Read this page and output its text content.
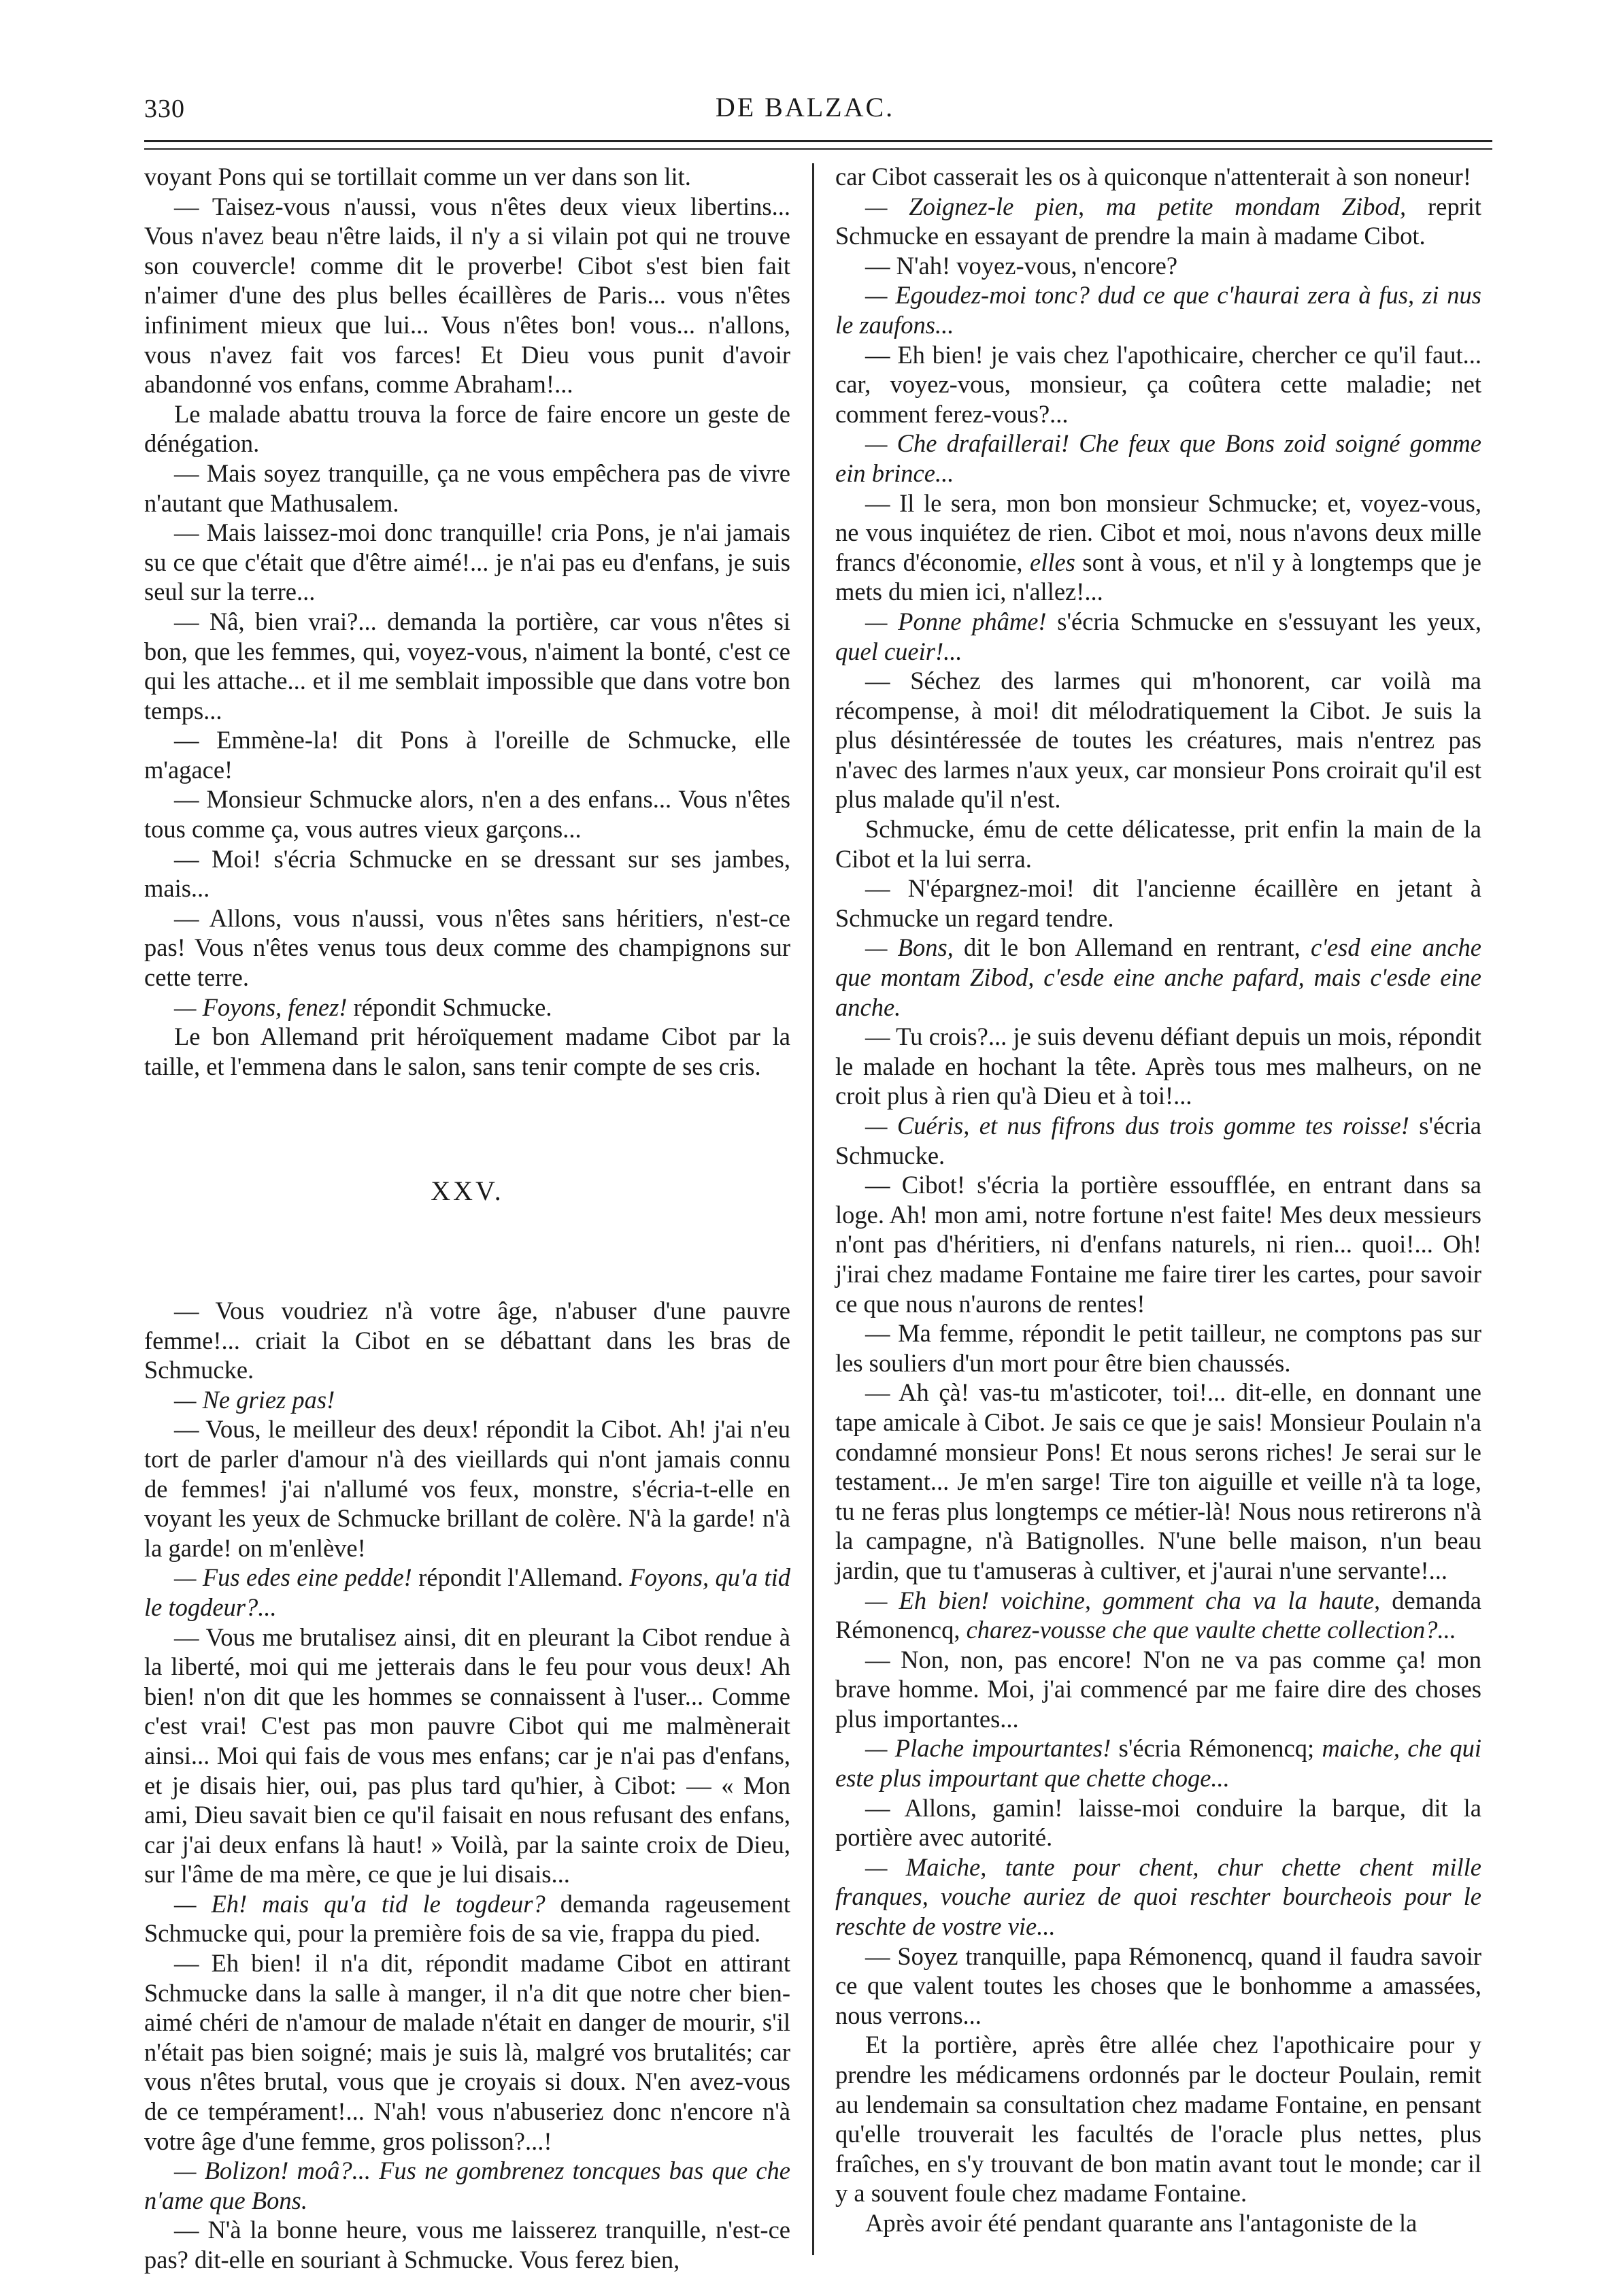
330	DE BALZAC.

voyant Pons qui se tortillait comme un ver dans son lit.

— Taisez-vous n'aussi, vous n'êtes deux vieux libertins... Vous n'avez beau n'être laids, il n'y a si vilain pot qui ne trouve son couvercle! comme dit le proverbe! Cibot s'est bien fait n'aimer d'une des plus belles écaillères de Paris... vous n'êtes infiniment mieux que lui... Vous n'êtes bon! vous... n'allons, vous n'avez fait vos farces! Et Dieu vous punit d'avoir abandonné vos enfans, comme Abraham!...

Le malade abattu trouva la force de faire encore un geste de dénégation.

— Mais soyez tranquille, ça ne vous empêchera pas de vivre n'autant que Mathusalem.

— Mais laissez-moi donc tranquille! cria Pons, je n'ai jamais su ce que c'était que d'être aimé!... je n'ai pas eu d'enfans, je suis seul sur la terre...

— Nâ, bien vrai?... demanda la portière, car vous n'êtes si bon, que les femmes, qui, voyez-vous, n'aiment la bonté, c'est ce qui les attache... et il me semblait impossible que dans votre bon temps...

— Emmène-la! dit Pons à l'oreille de Schmucke, elle m'agace!

— Monsieur Schmucke alors, n'en a des enfans... Vous n'êtes tous comme ça, vous autres vieux garçons...

— Moi! s'écria Schmucke en se dressant sur ses jambes, mais...

— Allons, vous n'aussi, vous n'êtes sans héritiers, n'est-ce pas! Vous n'êtes venus tous deux comme des champignons sur cette terre.

— Foyons, fenez! répondit Schmucke.

Le bon Allemand prit héroïquement madame Cibot par la taille, et l'emmena dans le salon, sans tenir compte de ses cris.

XXV.

— Vous voudriez n'à votre âge, n'abuser d'une pauvre femme!... criait la Cibot en se débattant dans les bras de Schmucke.

— Ne griez pas!

— Vous, le meilleur des deux! répondit la Cibot. Ah! j'ai n'eu tort de parler d'amour n'à des vieillards qui n'ont jamais connu de femmes! j'ai n'allumé vos feux, monstre, s'écria-t-elle en voyant les yeux de Schmucke brillant de colère. N'à la garde! n'à la garde! on m'enlève!

— Fus edes eine pedde! répondit l'Allemand. Foyons, qu'a tid le togdeur?...

— Vous me brutalisez ainsi, dit en pleurant la Cibot rendue à la liberté, moi qui me jetterais dans le feu pour vous deux! Ah bien! n'on dit que les hommes se connaissent à l'user... Comme c'est vrai! C'est pas mon pauvre Cibot qui me malmènerait ainsi... Moi qui fais de vous mes enfans; car je n'ai pas d'enfans, et je disais hier, oui, pas plus tard qu'hier, à Cibot: — « Mon ami, Dieu savait bien ce qu'il faisait en nous refusant des enfans, car j'ai deux enfans là haut! » Voilà, par la sainte croix de Dieu, sur l'âme de ma mère, ce que je lui disais...

— Eh! mais qu'a tid le togdeur? demanda rageusement Schmucke qui, pour la première fois de sa vie, frappa du pied.

— Eh bien! il n'a dit, répondit madame Cibot en attirant Schmucke dans la salle à manger, il n'a dit que notre cher bien-aimé chéri de n'amour de malade n'était en danger de mourir, s'il n'était pas bien soigné; mais je suis là, malgré vos brutalités; car vous n'êtes brutal, vous que je croyais si doux. N'en avez-vous de ce tempérament!... N'ah! vous n'abuseriez donc n'encore n'à votre âge d'une femme, gros polisson?...!

— Bolizon! moâ?... Fus ne gombrenez toncques bas que che n'ame que Bons.

— N'à la bonne heure, vous me laisserez tranquille, n'est-ce pas? dit-elle en souriant à Schmucke. Vous ferez bien,

car Cibot casserait les os à quiconque n'attenterait à son noneur!

— Zoignez-le pien, ma petite mondam Zibod, reprit Schmucke en essayant de prendre la main à madame Cibot.

— N'ah! voyez-vous, n'encore?

— Egoudez-moi tonc? dud ce que c'haurai zera à fus, zi nus le zaufons...

— Eh bien! je vais chez l'apothicaire, chercher ce qu'il faut... car, voyez-vous, monsieur, ça coûtera cette maladie; net comment ferez-vous?...

— Che drafaillerai! Che feux que Bons zoid soigné gomme ein brince...

— Il le sera, mon bon monsieur Schmucke; et, voyez-vous, ne vous inquiétez de rien. Cibot et moi, nous n'avons deux mille francs d'économie, elles sont à vous, et n'il y à longtemps que je mets du mien ici, n'allez!...

— Ponne phâme! s'écria Schmucke en s'essuyant les yeux, quel cueir!...

— Séchez des larmes qui m'honorent, car voilà ma récompense, à moi! dit mélodratiquement la Cibot. Je suis la plus désintéressée de toutes les créatures, mais n'entrez pas n'avec des larmes n'aux yeux, car monsieur Pons croirait qu'il est plus malade qu'il n'est.

Schmucke, ému de cette délicatesse, prit enfin la main de la Cibot et la lui serra.

— N'épargnez-moi! dit l'ancienne écaillère en jetant à Schmucke un regard tendre.

— Bons, dit le bon Allemand en rentrant, c'esd eine anche que montam Zibod, c'esde eine anche pafard, mais c'esde eine anche.

— Tu crois?... je suis devenu défiant depuis un mois, répondit le malade en hochant la tête. Après tous mes malheurs, on ne croit plus à rien qu'à Dieu et à toi!...

— Cuéris, et nus fifrons dus trois gomme tes roisse! s'écria Schmucke.

— Cibot! s'écria la portière essoufflée, en entrant dans sa loge. Ah! mon ami, notre fortune n'est faite! Mes deux messieurs n'ont pas d'héritiers, ni d'enfans naturels, ni rien... quoi!... Oh! j'irai chez madame Fontaine me faire tirer les cartes, pour savoir ce que nous n'aurons de rentes!

— Ma femme, répondit le petit tailleur, ne comptons pas sur les souliers d'un mort pour être bien chaussés.

— Ah çà! vas-tu m'asticoter, toi!... dit-elle, en donnant une tape amicale à Cibot. Je sais ce que je sais! Monsieur Poulain n'a condamné monsieur Pons! Et nous serons riches! Je serai sur le testament... Je m'en sarge! Tire ton aiguille et veille n'à ta loge, tu ne feras plus longtemps ce métier-là! Nous nous retirerons n'à la campagne, n'à Batignolles. N'une belle maison, n'un beau jardin, que tu t'amuseras à cultiver, et j'aurai n'une servante!...

— Eh bien! voichine, gomment cha va la haute, demanda Rémonencq, charez-vousse che que vaulte chette collection?...

— Non, non, pas encore! N'on ne va pas comme ça! mon brave homme. Moi, j'ai commencé par me faire dire des choses plus importantes...

— Plache impourtantes! s'écria Rémonencq; maiche, che qui este plus impourtant que chette choge...

— Allons, gamin! laisse-moi conduire la barque, dit la portière avec autorité.

— Maiche, tante pour chent, chur chette chent mille franques, vouche auriez de quoi reschter bourcheois pour le reschte de vostre vie...

— Soyez tranquille, papa Rémonencq, quand il faudra savoir ce que valent toutes les choses que le bonhomme a amassées, nous verrons...

Et la portière, après être allée chez l'apothicaire pour y prendre les médicamens ordonnés par le docteur Poulain, remit au lendemain sa consultation chez madame Fontaine, en pensant qu'elle trouverait les facultés de l'oracle plus nettes, plus fraîches, en s'y trouvant de bon matin avant tout le monde; car il y a souvent foule chez madame Fontaine.

Après avoir été pendant quarante ans l'antagoniste de la
